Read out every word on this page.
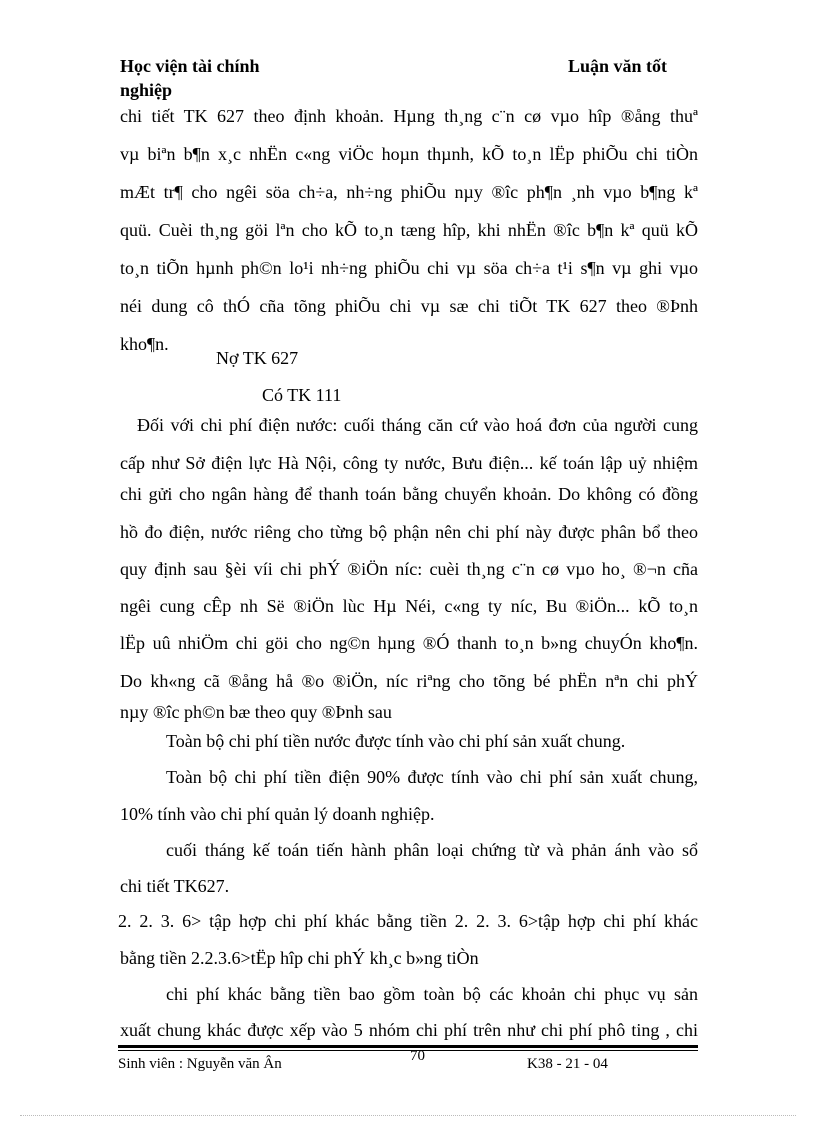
Học viện tài chính
nghiệp
Luận văn tốt
chi tiết TK 627 theo định khoản. Hµng th¸ng c¨n cø vµo hîp ®ång thuª
vµ biªn b¶n x¸c nhËn c«ng viÖc hoµn thµnh, kÕ to¸n lËp phiÕu chi tiÒn
mÆt tr¶ cho ngêi söa ch÷a, nh÷ng phiÕu nµy ®îc ph¶n ¸nh vµo b¶ng kª
quü. Cuèi th¸ng göi lªn cho kÕ to¸n tæng hîp, khi nhËn ®îc b¶n kª quü kÕ
to¸n tiÕn hµnh ph©n lo¹i nh÷ng phiÕu chi vµ söa ch÷a t¹i s¶n vµ ghi vµo
néi dung cô thÓ cña tõng phiÕu chi vµ sæ chi tiÕt TK 627 theo ®Þnh
kho¶n.
Nợ TK 627
Có TK 111
Đối với chi phí điện nước: cuối tháng căn cứ vào hoá đơn của người cung
cấp như Sở điện lực Hà Nội, công ty nước, Bưu điện... kế toán lập uỷ nhiệm
chi gửi cho ngân hàng để thanh toán bằng chuyển khoản. Do không có đồng
hồ đo điện, nước riêng cho từng bộ phận nên chi phí này được phân bổ theo
quy định sau §èi víi chi phÝ ®iÖn níc: cuèi th¸ng c¨n cø vµo ho¸ ®¬n cña
ngêi cung cÊp nh Së ®iÖn lùc Hµ Néi, c«ng ty níc, Bu ®iÖn... kÕ to¸n
lËp uû nhiÖm chi göi cho ng©n hµng ®Ó thanh to¸n b»ng chuyÓn kho¶n.
Do kh«ng cã ®ång hå ®o ®iÖn, níc riªng cho tõng bé phËn nªn chi phÝ
nµy ®îc ph©n bæ theo quy ®Þnh sau
Toàn bộ chi phí tiền nước được tính vào chi phí sản xuất chung.
Toàn bộ chi phí tiền điện 90% được tính vào chi phí sản xuất chung,
10% tính vào chi phí quản lý doanh nghiệp.
cuối tháng kế toán tiến hành phân loại chứng từ và phản ánh vào sổ
chi tiết TK627.
2. 2. 3. 6> tập hợp chi phí khác bằng tiền 2. 2. 3. 6>tập hợp chi phí khác
bằng tiền 2.2.3.6>tËp hîp chi phÝ kh¸c b»ng tiÒn
chi phí khác bằng tiền bao gồm toàn bộ các khoản chi phục vụ sản
xuất chung khác được xếp vào 5 nhóm chi phí trên như chi phí phô ting , chi
Sinh viên : Nguyễn văn Ân	70	K38 - 21 - 04
